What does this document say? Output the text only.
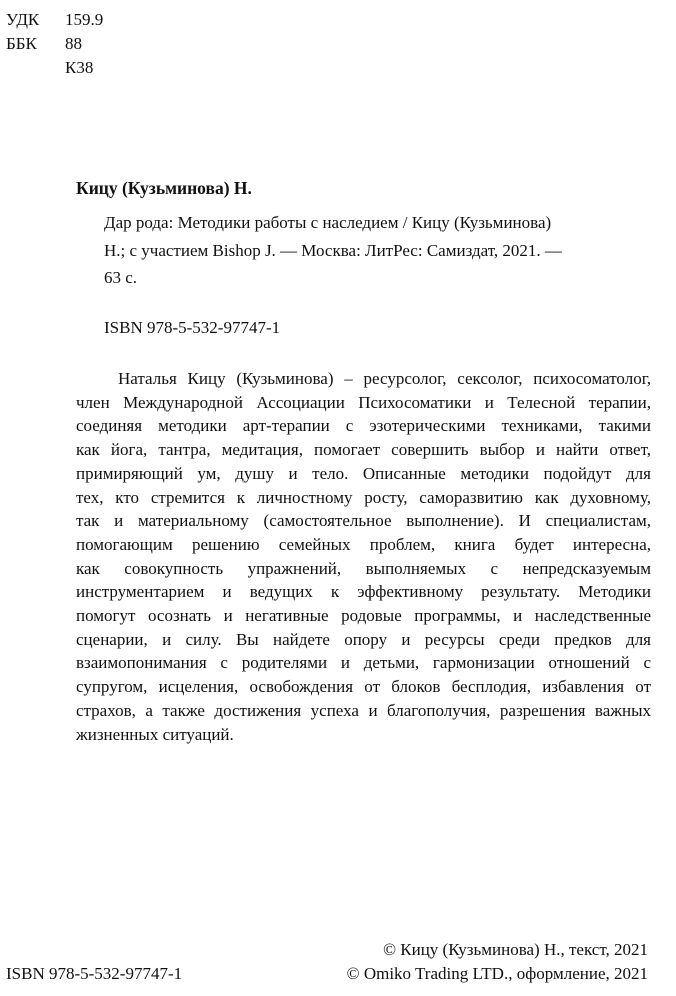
УДК 159.9
ББК 88
К38
Кицу (Кузьминова) Н.
Дар рода: Методики работы с наследием / Кицу (Кузьминова)
Н.; с участием Bishop J. — Москва: ЛитРес: Самиздат, 2021. —
63 с.
ISBN 978-5-532-97747-1
Наталья Кицу (Кузьминова) – ресурсолог, сексолог, психосоматолог,
член Международной Ассоциации Психосоматики и Телесной терапии,
соединяя методики арт-терапии с эзотерическими техниками, такими
как йога, тантра, медитация, помогает совершить выбор и найти ответ,
примиряющий ум, душу и тело. Описанные методики подойдут для
тех, кто стремится к личностному росту, саморазвитию как духовному,
так и материальному (самостоятельное выполнение). И специалистам,
помогающим решению семейных проблем, книга будет интересна,
как совокупность упражнений, выполняемых с непредсказуемым
инструментарием и ведущих к эффективному результату. Методики
помогут осознать и негативные родовые программы, и наследственные
сценарии, и силу. Вы найдете опору и ресурсы среди предков для
взаимопонимания с родителями и детьми, гармонизации отношений с
супругом, исцеления, освобождения от блоков бесплодия, избавления от
страхов, а также достижения успеха и благополучия, разрешения важных
жизненных ситуаций.
ISBN 978-5-532-97747-1
© Кицу (Кузьминова) Н., текст, 2021
© Omiko Trading LTD., оформление, 2021
